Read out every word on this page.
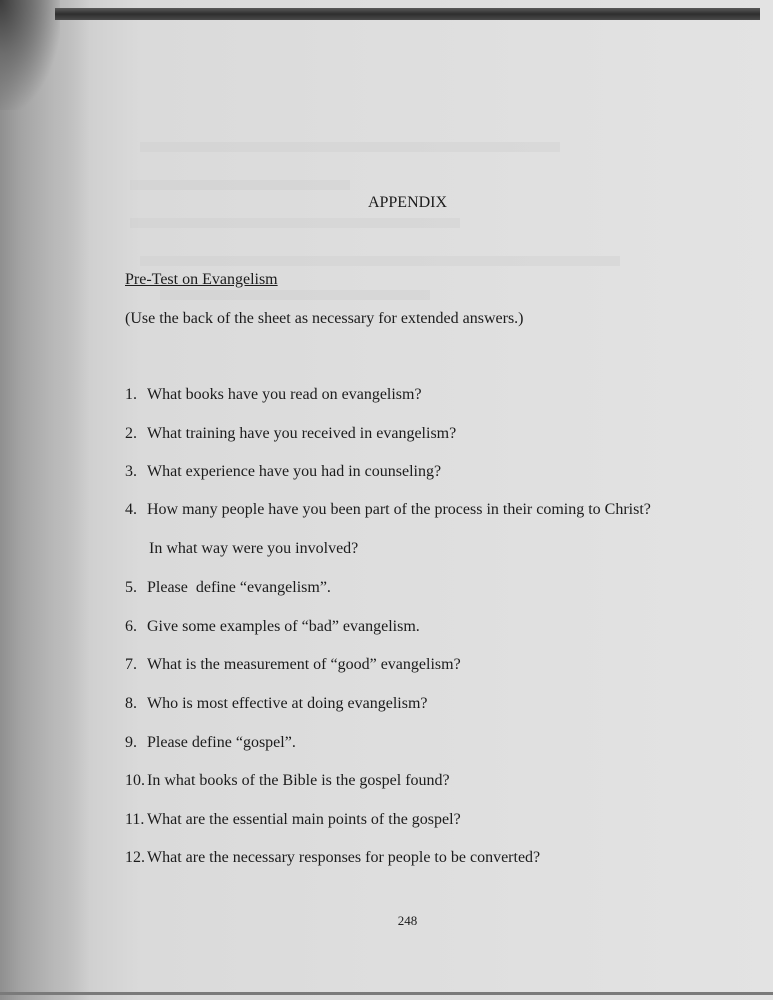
APPENDIX
Pre-Test on Evangelism
(Use the back of the sheet as necessary for extended answers.)
1. What books have you read on evangelism?
2. What training have you received in evangelism?
3. What experience have you had in counseling?
4. How many people have you been part of the process in their coming to Christ?
In what way were you involved?
5. Please  define “evangelism”.
6. Give some examples of “bad” evangelism.
7. What is the measurement of “good” evangelism?
8. Who is most effective at doing evangelism?
9. Please define “gospel”.
10. In what books of the Bible is the gospel found?
11. What are the essential main points of the gospel?
12. What are the necessary responses for people to be converted?
248
